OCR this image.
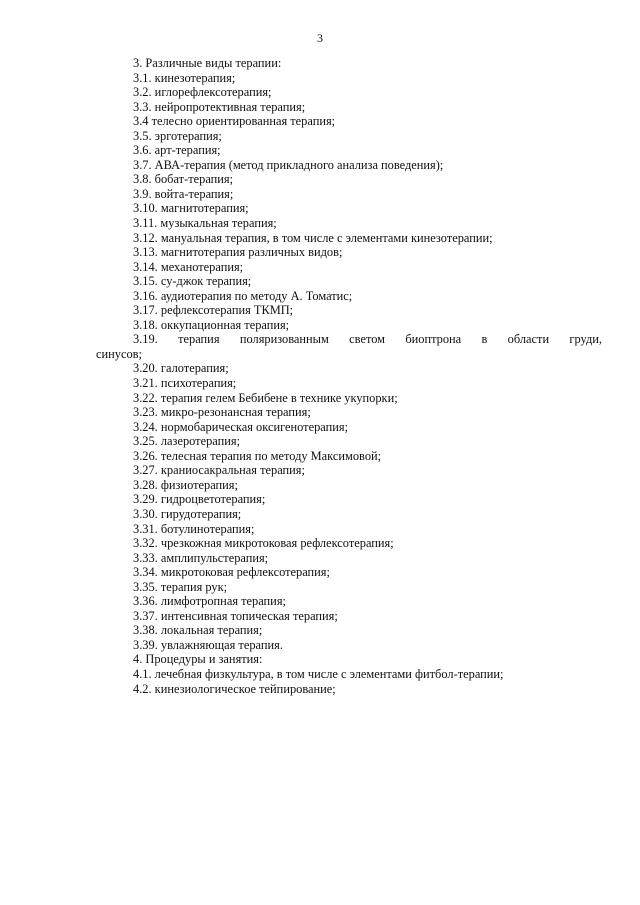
3
3. Различные виды терапии:
3.1. кинезотерапия;
3.2. иглорефлексотерапия;
3.3. нейропротективная терапия;
3.4 телесно ориентированная терапия;
3.5. эрготерапия;
3.6. арт-терапия;
3.7. АВА-терапия (метод прикладного анализа поведения);
3.8. бобат-терапия;
3.9. войта-терапия;
3.10. магнитотерапия;
3.11. музыкальная терапия;
3.12. мануальная терапия, в том числе с элементами кинезотерапии;
3.13. магнитотерапия различных видов;
3.14. механотерапия;
3.15. су-джок терапия;
3.16. аудиотерапия по методу А. Томатис;
3.17. рефлексотерапия ТКМП;
3.18. оккупационная терапия;
3.19. терапия поляризованным светом биоптрона в области груди,
синусов;
3.20. галотерапия;
3.21. психотерапия;
3.22. терапия гелем Бебибене в технике укупорки;
3.23. микро-резонансная терапия;
3.24. нормобарическая оксигенотерапия;
3.25. лазеротерапия;
3.26. телесная терапия по методу Максимовой;
3.27. краниосакральная терапия;
3.28. физиотерапия;
3.29. гидроцветотерапия;
3.30. гирудотерапия;
3.31. ботулинотерапия;
3.32. чрезкожная микротоковая рефлексотерапия;
3.33. амплипульстерапия;
3.34. микротоковая рефлексотерапия;
3.35. терапия рук;
3.36. лимфотропная терапия;
3.37. интенсивная топическая терапия;
3.38. локальная терапия;
3.39. увлажняющая терапия.
4. Процедуры и занятия:
4.1. лечебная физкультура, в том числе с элементами фитбол-терапии;
4.2. кинезиологическое тейпирование;
